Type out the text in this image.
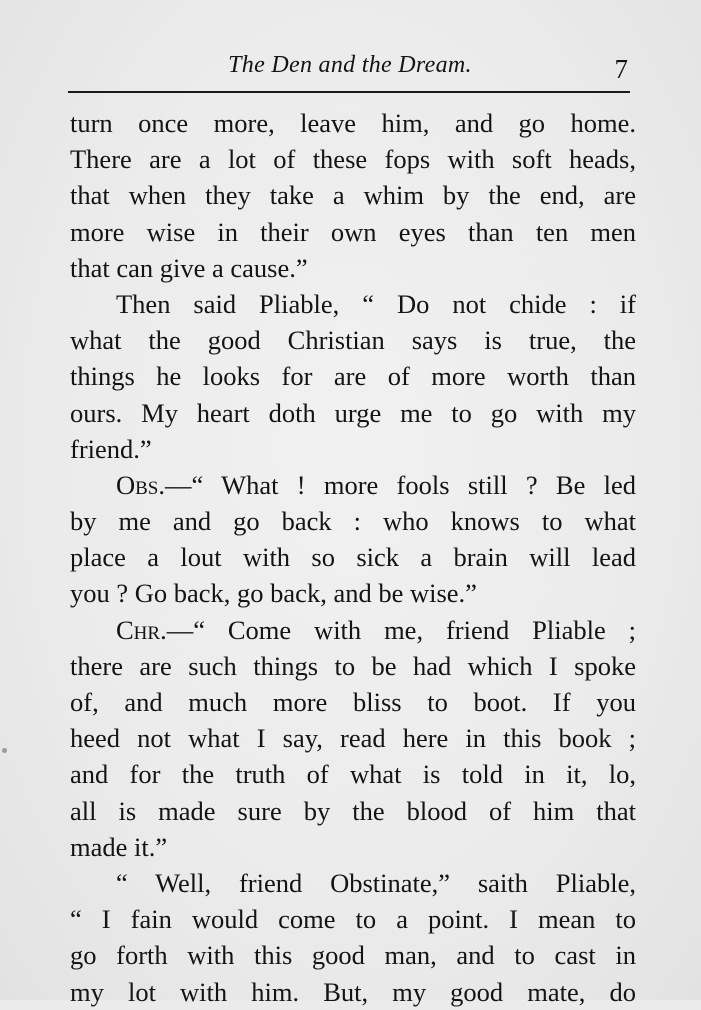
The Den and the Dream.	7
turn once more, leave him, and go home.
There are a lot of these fops with soft heads,
that when they take a whim by the end, are
more wise in their own eyes than ten men
that can give a cause.”
Then said Pliable, “ Do not chide : if
what the good Christian says is true, the
things he looks for are of more worth than
ours. My heart doth urge me to go with my
friend.”
Obs.—“ What ! more fools still ? Be led
by me and go back : who knows to what
place a lout with so sick a brain will lead
you ? Go back, go back, and be wise.”
Chr.—“ Come with me, friend Pliable ;
there are such things to be had which I spoke
of, and much more bliss to boot. If you
heed not what I say, read here in this book ;
and for the truth of what is told in it, lo,
all is made sure by the blood of him that
made it.”
“ Well, friend Obstinate,” saith Pliable,
“ I fain would come to a point. I mean to
go forth with this good man, and to cast in
my lot with him. But, my good mate, do
